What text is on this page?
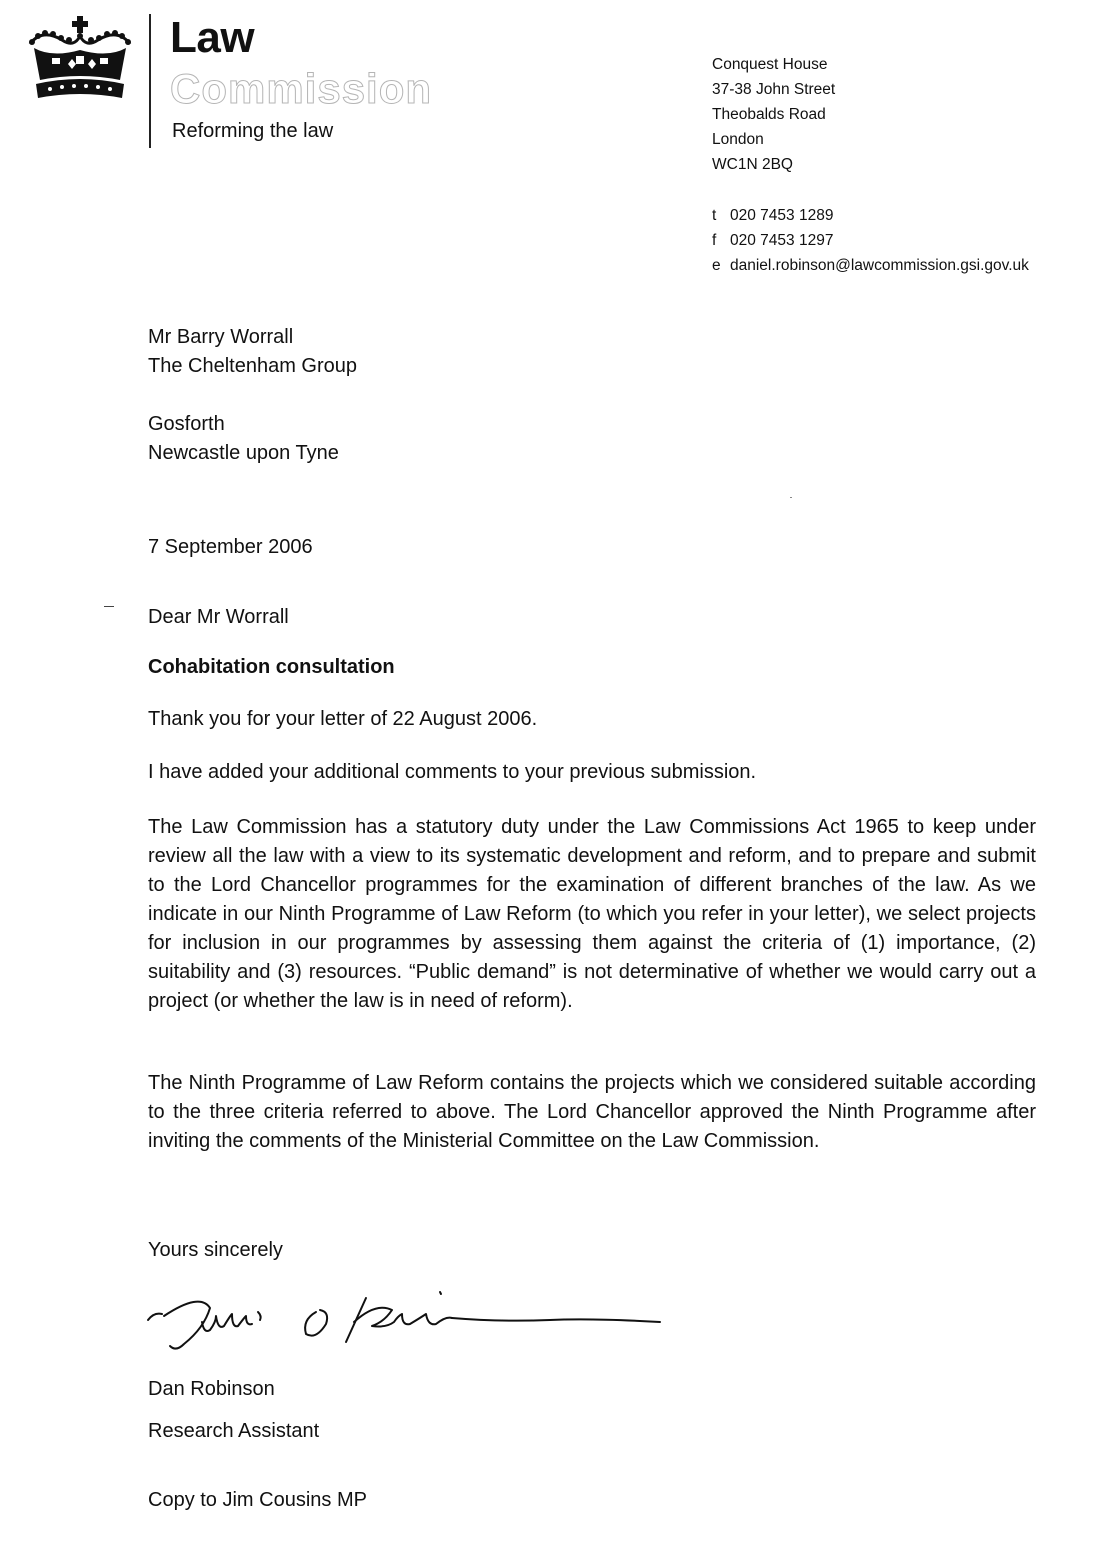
Law
Commission
Reforming the law
Conquest House
37-38 John Street
Theobalds Road
London
WC1N 2BQ
t 020 7453 1289
f 020 7453 1297
e daniel.robinson@lawcommission.gsi.gov.uk
Mr Barry Worrall
The Cheltenham Group
Gosforth
Newcastle upon Tyne
7 September 2006
Dear Mr Worrall
Cohabitation consultation
Thank you for your letter of 22 August 2006.
I have added your additional comments to your previous submission.
The Law Commission has a statutory duty under the Law Commissions Act 1965 to keep under review all the law with a view to its systematic development and reform, and to prepare and submit to the Lord Chancellor programmes for the examination of different branches of the law. As we indicate in our Ninth Programme of Law Reform (to which you refer in your letter), we select projects for inclusion in our programmes by assessing them against the criteria of (1) importance, (2) suitability and (3) resources. “Public demand” is not determinative of whether we would carry out a project (or whether the law is in need of reform).
The Ninth Programme of Law Reform contains the projects which we considered suitable according to the three criteria referred to above. The Lord Chancellor approved the Ninth Programme after inviting the comments of the Ministerial Committee on the Law Commission.
Yours sincerely
Dan Robinson
Research Assistant
Copy to Jim Cousins MP
